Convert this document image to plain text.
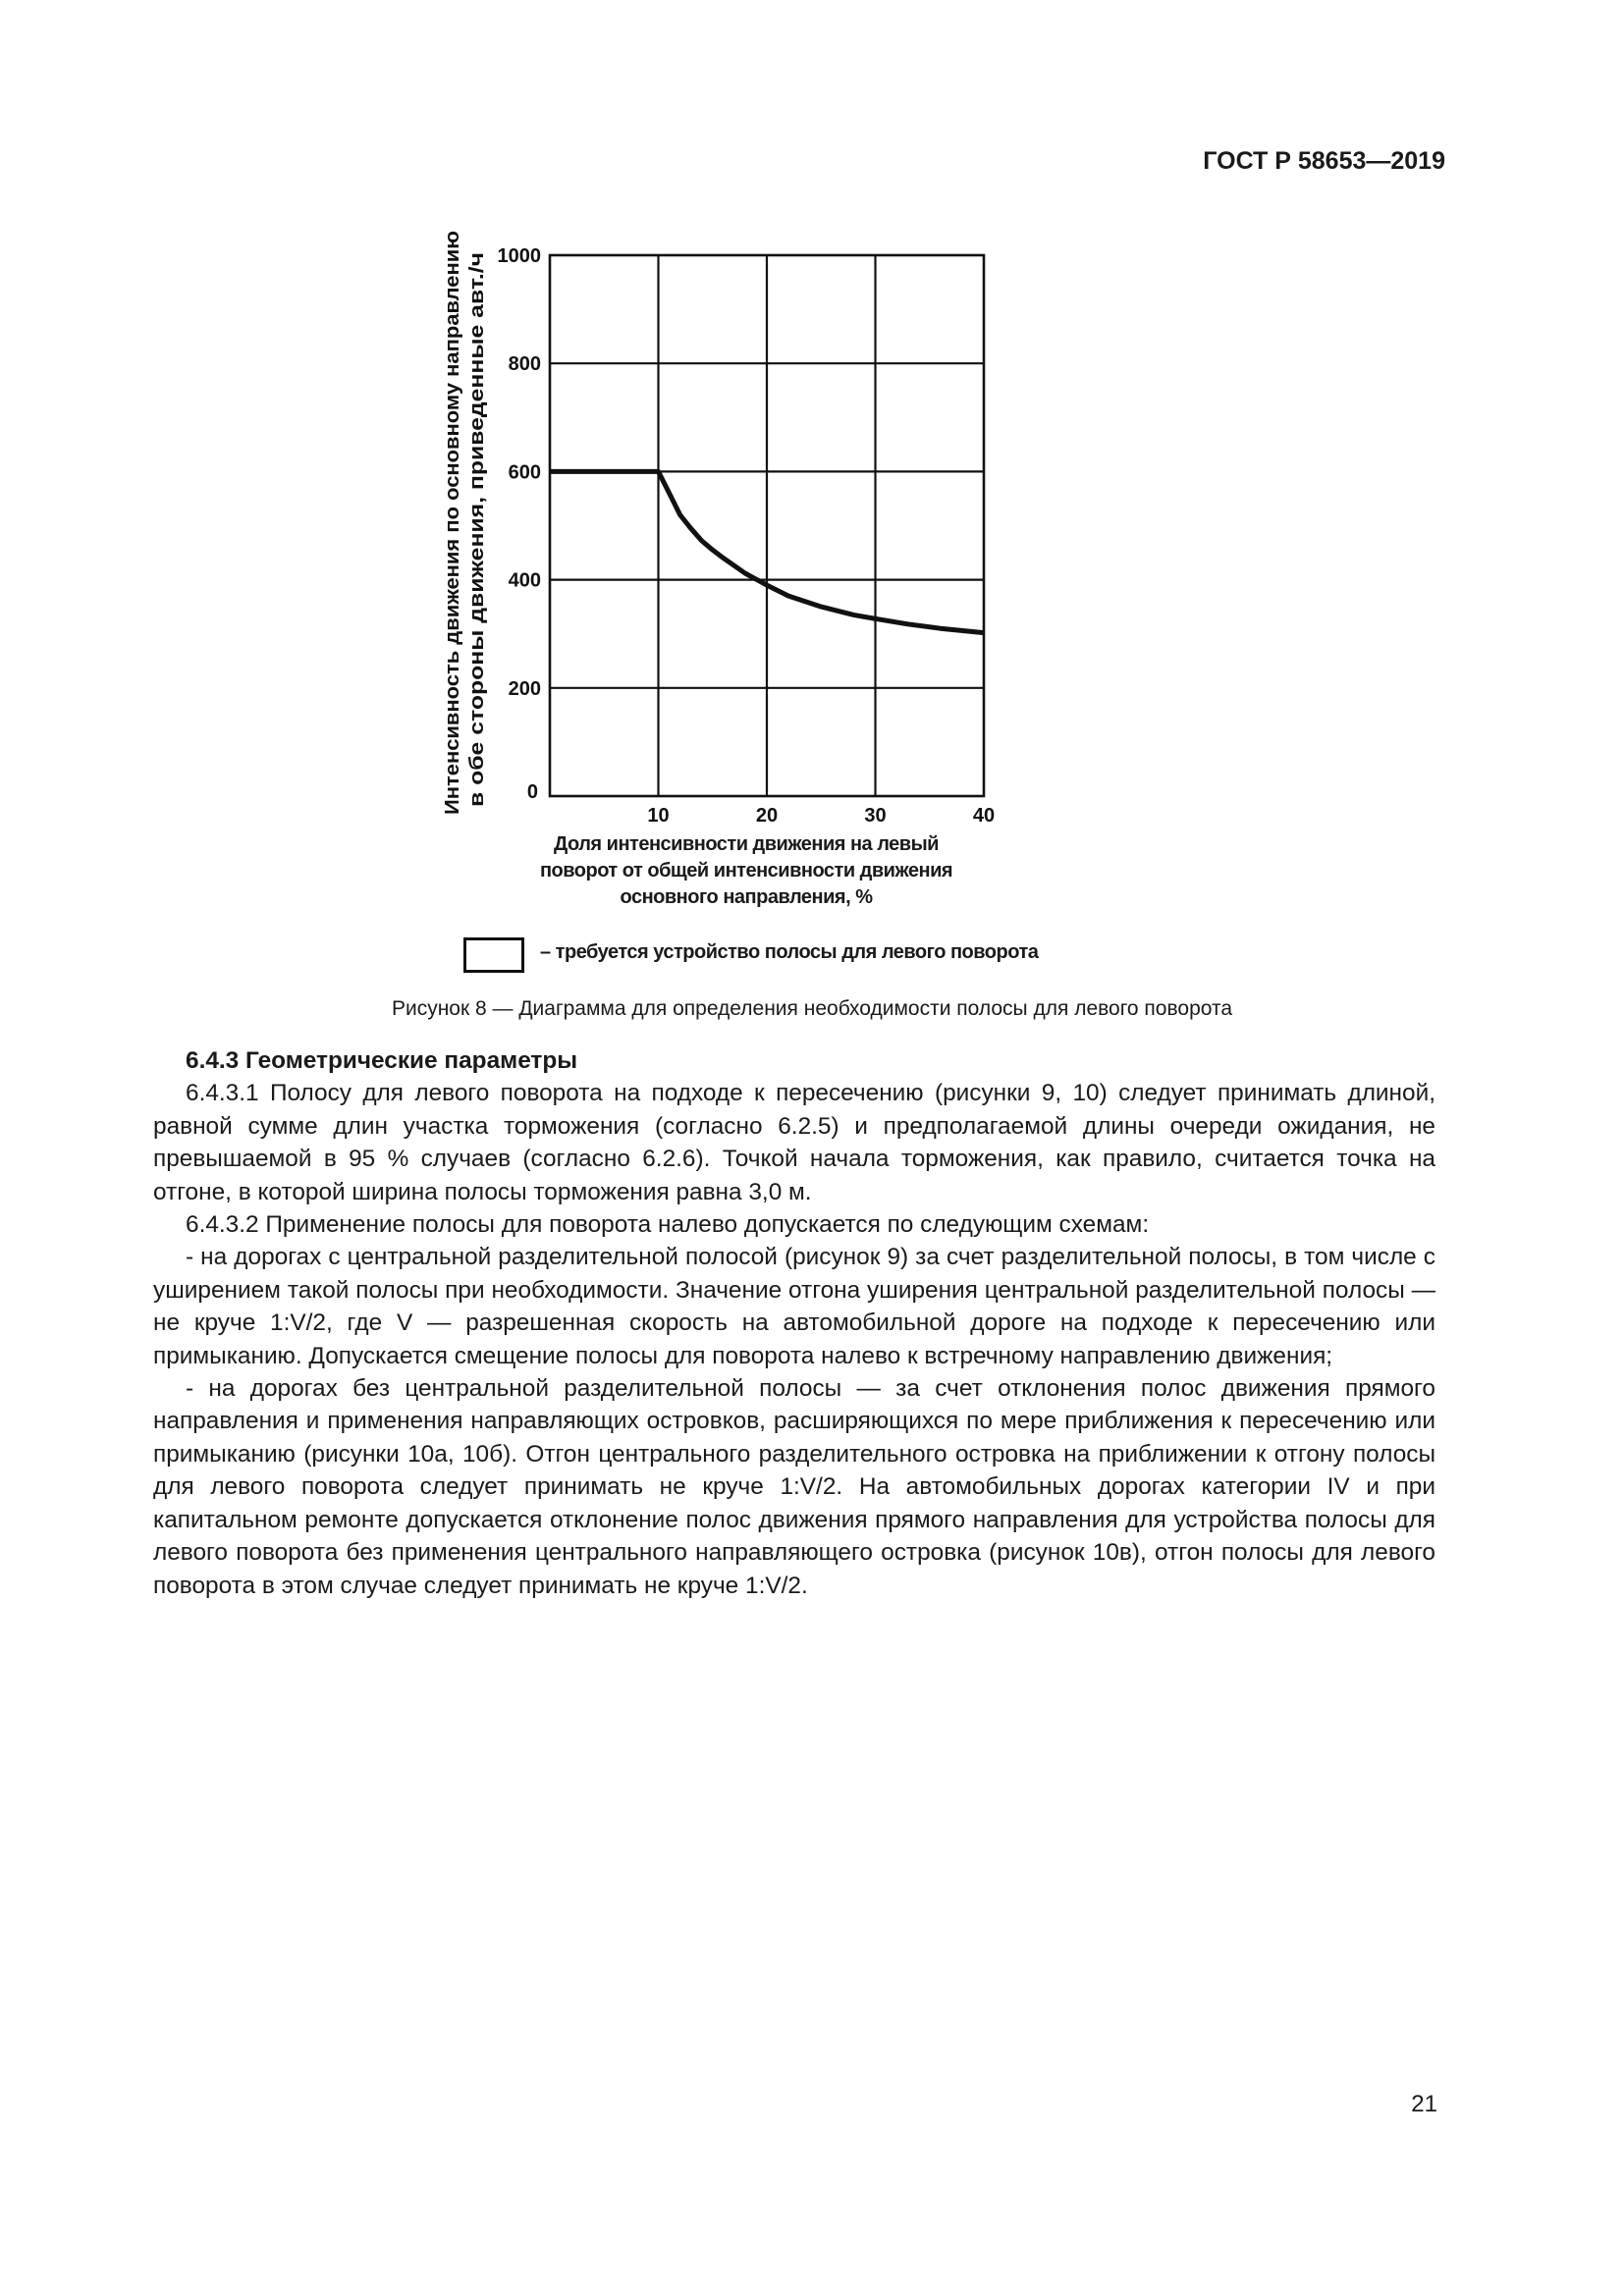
ГОСТ Р 58653—2019
Интенсивность движения по основному направлению в обе стороны движения, приведенные авт./ч 0
10	20	30	40
200
400
600
800
1000
Доля интенсивности движения на левый
поворот от общей интенсивности движения
основного направления, %
– требуется устройство полосы для левого поворота
Рисунок 8 — Диаграмма для определения необходимости полосы для левого поворота
6.4.3 Геометрические параметры

6.4.3.1 Полосу для левого поворота на подходе к пересечению (рисунки 9, 10) следует принимать длиной, равной сумме длин участка торможения (согласно 6.2.5) и предполагаемой длины очереди ожидания, не превышаемой в 95 % случаев (согласно 6.2.6). Точкой начала торможения, как правило, считается точка на отгоне, в которой ширина полосы торможения равна 3,0 м.

6.4.3.2 Применение полосы для поворота налево допускается по следующим схемам:

- на дорогах с центральной разделительной полосой (рисунок 9) за счет разделительной полосы, в том числе с уширением такой полосы при необходимости. Значение отгона уширения центральной разделительной полосы — не круче 1:V/2, где V — разрешенная скорость на автомобильной дороге на подходе к пересечению или примыканию. Допускается смещение полосы для поворота налево к встречному направлению движения;

- на дорогах без центральной разделительной полосы — за счет отклонения полос движения прямого направления и применения направляющих островков, расширяющихся по мере приближения к пересечению или примыканию (рисунки 10а, 10б). Отгон центрального разделительного островка на приближении к отгону полосы для левого поворота следует принимать не круче 1:V/2. На автомобильных дорогах категории IV и при капитальном ремонте допускается отклонение полос движения прямого направления для устройства полосы для левого поворота без применения центрального направляющего островка (рисунок 10в), отгон полосы для левого поворота в этом случае следует принимать не круче 1:V/2.

21
